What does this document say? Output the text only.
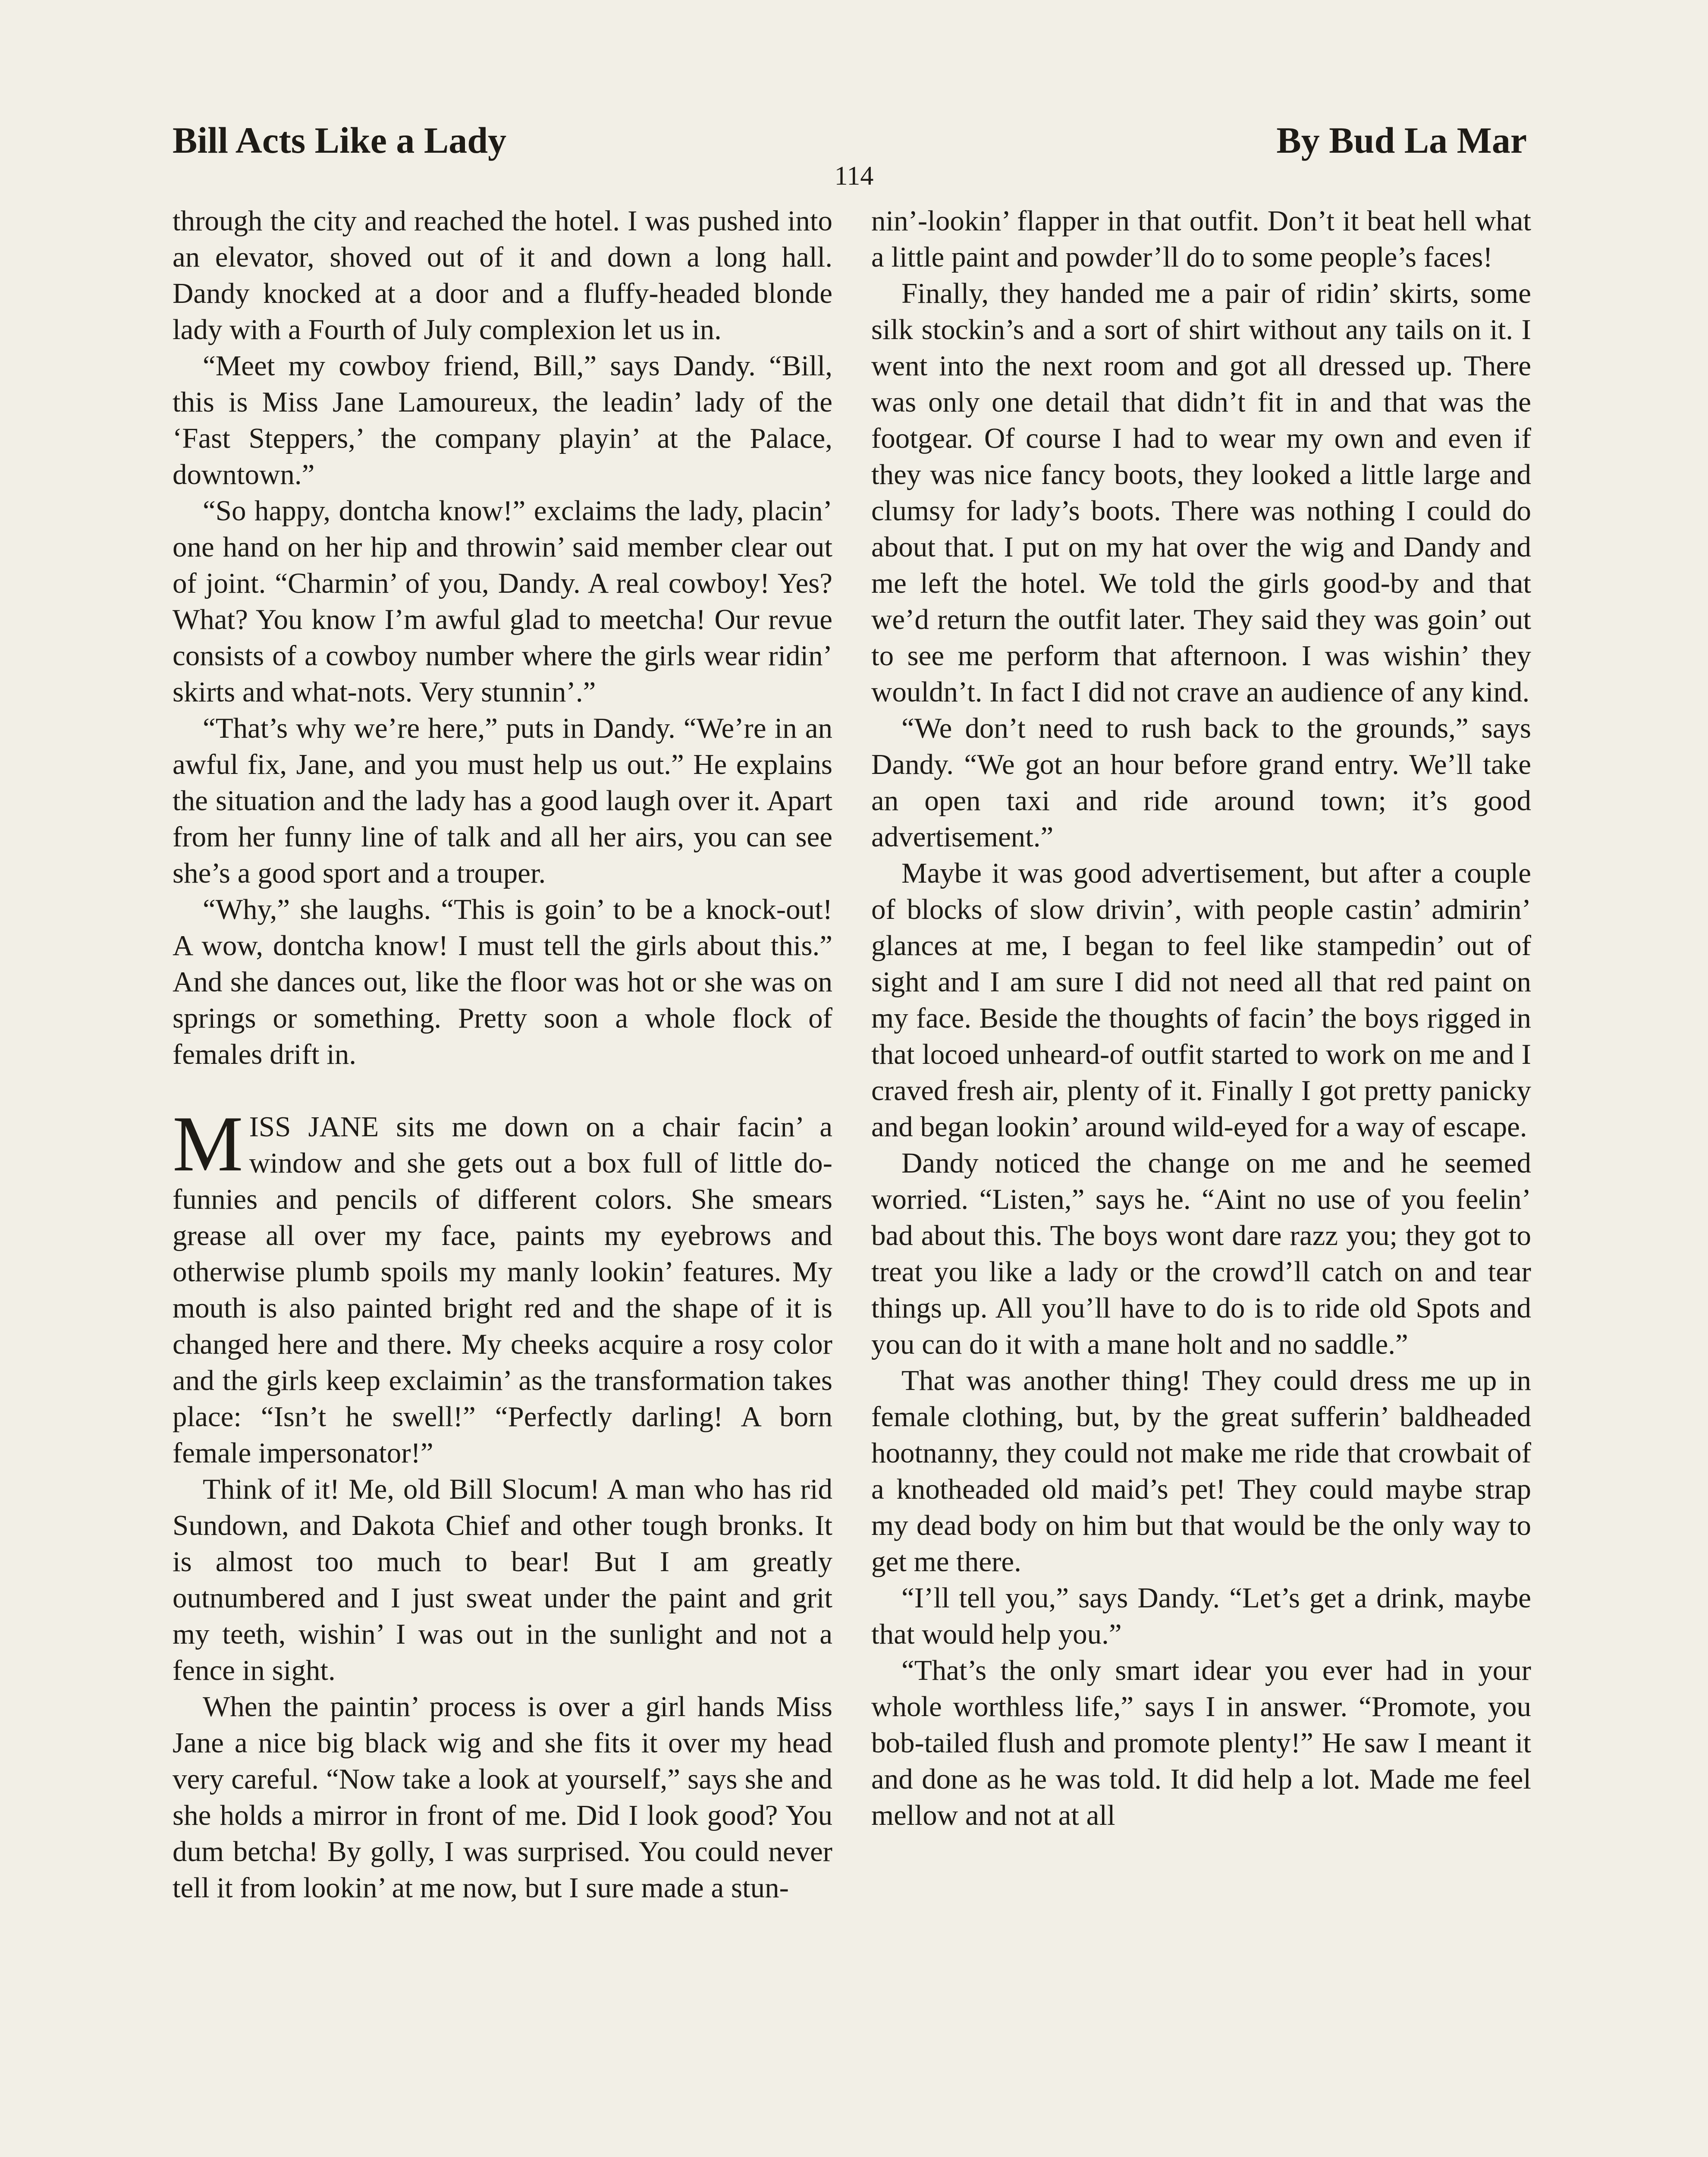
Bill Acts Like a Lady	By Bud La Mar
114

through the city and reached the hotel. I was pushed into an elevator, shoved out of it and down a long hall. Dandy knocked at a door and a fluffy-headed blonde lady with a Fourth of July complexion let us in.

“Meet my cowboy friend, Bill,” says Dandy. “Bill, this is Miss Jane Lamoureux, the leadin’ lady of the ‘Fast Steppers,’ the company playin’ at the Palace, downtown.”

“So happy, dontcha know!” exclaims the lady, placin’ one hand on her hip and throwin’ said member clear out of joint. “Charmin’ of you, Dandy. A real cowboy! Yes? What? You know I’m awful glad to meetcha! Our revue consists of a cowboy number where the girls wear ridin’ skirts and what-nots. Very stunnin’.”

“That’s why we’re here,” puts in Dandy. “We’re in an awful fix, Jane, and you must help us out.” He explains the situation and the lady has a good laugh over it. Apart from her funny line of talk and all her airs, you can see she’s a good sport and a trouper.

“Why,” she laughs. “This is goin’ to be a knock-out! A wow, dontcha know! I must tell the girls about this.” And she dances out, like the floor was hot or she was on springs or something. Pretty soon a whole flock of females drift in.

MISS JANE sits me down on a chair facin’ a window and she gets out a box full of little do-funnies and pencils of different colors. She smears grease all over my face, paints my eyebrows and otherwise plumb spoils my manly lookin’ features. My mouth is also painted bright red and the shape of it is changed here and there. My cheeks acquire a rosy color and the girls keep exclaimin’ as the transformation takes place: “Isn’t he swell!” “Perfectly darling! A born female impersonator!”

Think of it! Me, old Bill Slocum! A man who has rid Sundown, and Dakota Chief and other tough bronks. It is almost too much to bear! But I am greatly outnumbered and I just sweat under the paint and grit my teeth, wishin’ I was out in the sunlight and not a fence in sight.

When the paintin’ process is over a girl hands Miss Jane a nice big black wig and she fits it over my head very careful. “Now take a look at yourself,” says she and she holds a mirror in front of me. Did I look good? You dum betcha! By golly, I was surprised. You could never tell it from lookin’ at me now, but I sure made a stun-

nin’-lookin’ flapper in that outfit. Don’t it beat hell what a little paint and powder’ll do to some people’s faces!

Finally, they handed me a pair of ridin’ skirts, some silk stockin’s and a sort of shirt without any tails on it. I went into the next room and got all dressed up. There was only one detail that didn’t fit in and that was the footgear. Of course I had to wear my own and even if they was nice fancy boots, they looked a little large and clumsy for lady’s boots. There was nothing I could do about that. I put on my hat over the wig and Dandy and me left the hotel. We told the girls good-by and that we’d return the outfit later. They said they was goin’ out to see me perform that afternoon. I was wishin’ they wouldn’t. In fact I did not crave an audience of any kind.

“We don’t need to rush back to the grounds,” says Dandy. “We got an hour before grand entry. We’ll take an open taxi and ride around town; it’s good advertisement.”

Maybe it was good advertisement, but after a couple of blocks of slow drivin’, with people castin’ admirin’ glances at me, I began to feel like stampedin’ out of sight and I am sure I did not need all that red paint on my face. Beside the thoughts of facin’ the boys rigged in that locoed unheard-of outfit started to work on me and I craved fresh air, plenty of it. Finally I got pretty panicky and began lookin’ around wild-eyed for a way of escape.

Dandy noticed the change on me and he seemed worried. “Listen,” says he. “Aint no use of you feelin’ bad about this. The boys wont dare razz you; they got to treat you like a lady or the crowd’ll catch on and tear things up. All you’ll have to do is to ride old Spots and you can do it with a mane holt and no saddle.”

That was another thing! They could dress me up in female clothing, but, by the great sufferin’ baldheaded hootnanny, they could not make me ride that crowbait of a knotheaded old maid’s pet! They could maybe strap my dead body on him but that would be the only way to get me there.

“I’ll tell you,” says Dandy. “Let’s get a drink, maybe that would help you.”

“That’s the only smart idear you ever had in your whole worthless life,” says I in answer. “Promote, you bob-tailed flush and promote plenty!” He saw I meant it and done as he was told. It did help a lot. Made me feel mellow and not at all
